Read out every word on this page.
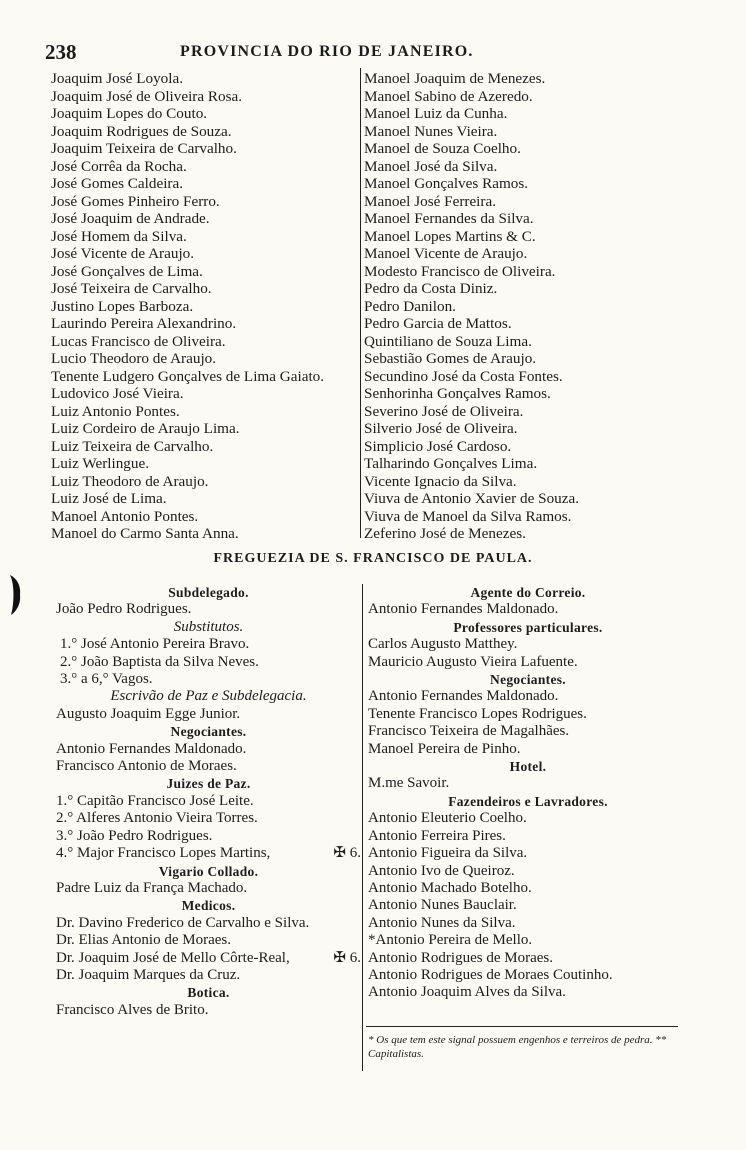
238	PROVINCIA DO RIO DE JANEIRO.
Joaquim José Loyola.
Joaquim José de Oliveira Rosa.
Joaquim Lopes do Couto.
Joaquim Rodrigues de Souza.
Joaquim Teixeira de Carvalho.
José Corrêa da Rocha.
José Gomes Caldeira.
José Gomes Pinheiro Ferro.
José Joaquim de Andrade.
José Homem da Silva.
José Vicente de Araujo.
José Gonçalves de Lima.
José Teixeira de Carvalho.
Justino Lopes Barboza.
Laurindo Pereira Alexandrino.
Lucas Francisco de Oliveira.
Lucio Theodoro de Araujo.
Tenente Ludgero Gonçalves de Lima Gaiato.
Ludovico José Vieira.
Luiz Antonio Pontes.
Luiz Cordeiro de Araujo Lima.
Luiz Teixeira de Carvalho.
Luiz Werlingue.
Luiz Theodoro de Araujo.
Luiz José de Lima.
Manoel Antonio Pontes.
Manoel do Carmo Santa Anna.
Manoel Joaquim de Menezes.
Manoel Sabino de Azeredo.
Manoel Luiz da Cunha.
Manoel Nunes Vieira.
Manoel de Souza Coelho.
Manoel José da Silva.
Manoel Gonçalves Ramos.
Manoel José Ferreira.
Manoel Fernandes da Silva.
Manoel Lopes Martins & C.
Manoel Vicente de Araujo.
Modesto Francisco de Oliveira.
Pedro da Costa Diniz.
Pedro Danilon.
Pedro Garcia de Mattos.
Quintiliano de Souza Lima.
Sebastião Gomes de Araujo.
Secundino José da Costa Fontes.
Senhorinha Gonçalves Ramos.
Severino José de Oliveira.
Silverio José de Oliveira.
Simplicio José Cardoso.
Talharindo Gonçalves Lima.
Vicente Ignacio da Silva.
Viuva de Antonio Xavier de Souza.
Viuva de Manoel da Silva Ramos.
Zeferino José de Menezes.
FREGUEZIA DE S. FRANCISCO DE PAULA.
Subdelegado.
João Pedro Rodrigues.
Substitutos.
1.° José Antonio Pereira Bravo.
2.° João Baptista da Silva Neves.
3.° a 6,° Vagos.
Escrivão de Paz e Subdelegacia.
Augusto Joaquim Egge Junior.
Negociantes.
Antonio Fernandes Maldonado.
Francisco Antonio de Moraes.
Juizes de Paz.
1.° Capitão Francisco José Leite.
2.° Alferes Antonio Vieira Torres.
3.° João Pedro Rodrigues.
4.° Major Francisco Lopes Martins,	✠ 6.
Vigario Collado.
Padre Luiz da França Machado.
Medicos.
Dr. Davino Frederico de Carvalho e Silva.
Dr. Elias Antonio de Moraes.
Dr. Joaquim José de Mello Côrte-Real,	✠ 6.
Dr. Joaquim Marques da Cruz.
Botica.
Francisco Alves de Brito.
Agente do Correio.
Antonio Fernandes Maldonado.
Professores particulares.
Carlos Augusto Matthey.
Mauricio Augusto Vieira Lafuente.
Negociantes.
Antonio Fernandes Maldonado.
Tenente Francisco Lopes Rodrigues.
Francisco Teixeira de Magalhães.
Manoel Pereira de Pinho.
Hotel.
M.me Savoir.
Fazendeiros e Lavradores.
Antonio Eleuterio Coelho.
Antonio Ferreira Pires.
Antonio Figueira da Silva.
Antonio Ivo de Queiroz.
Antonio Machado Botelho.
Antonio Nunes Bauclair.
Antonio Nunes da Silva.
*Antonio Pereira de Mello.
Antonio Rodrigues de Moraes.
Antonio Rodrigues de Moraes Coutinho.
Antonio Joaquim Alves da Silva.
* Os que tem este signal possuem engenhos e terreiros de pedra. ** Capitalistas.
